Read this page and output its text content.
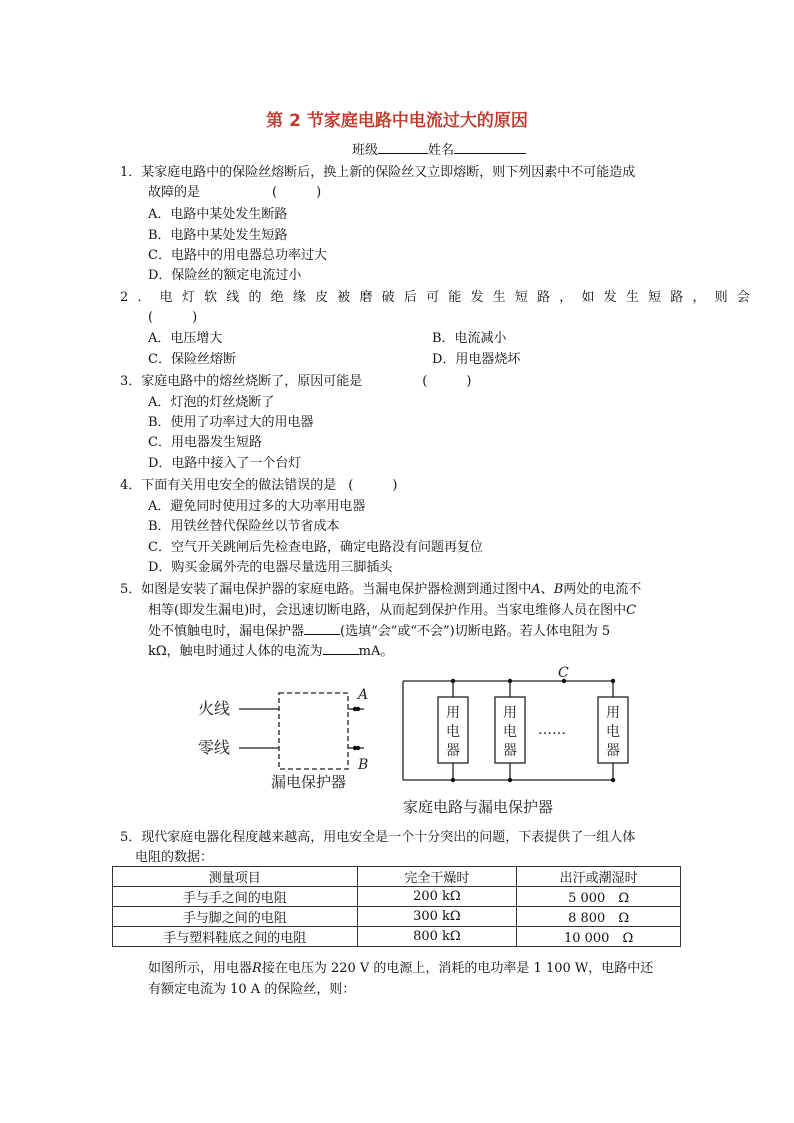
第 2 节家庭电路中电流过大的原因
班级	姓名
1．某家庭电路中的保险丝熔断后，换上新的保险丝又立即熔断，则下列因素中不可能造成
故障的是	(　　　)
A．电路中某处发生断路
B．电路中某处发生短路
C．电路中的用电器总功率过大
D．保险丝的额定电流过小
2．电灯软线的绝缘皮被磨破后可能发生短路，如发生短路，则会
(　　　)
A．电压增大	B．电流减小
C．保险丝熔断	D．用电器烧坏
3．家庭电路中的熔丝烧断了，原因可能是	(　　　)
A．灯泡的灯丝烧断了
B．使用了功率过大的用电器
C．用电器发生短路
D．电路中接入了一个台灯
4．下面有关用电安全的做法错误的是 (　　　)
A．避免同时使用过多的大功率用电器
B．用铁丝替代保险丝以节省成本
C．空气开关跳闸后先检查电路，确定电路没有问题再复位
D．购买金属外壳的电器尽量选用三脚插头
5．如图是安装了漏电保护器的家庭电路。当漏电保护器检测到通过图中A、B两处的电流不
相等(即发生漏电)时，会迅速切断电路，从而起到保护作用。当家电维修人员在图中C
处不慎触电时，漏电保护器	(选填“会”或“不会”)切断电路。若人体电阻为 5
kΩ，触电时通过人体的电流为	mA。
火线
零线
漏电保护器
A
B
C
……
家庭电路与漏电保护器
用
电
器
用
电
器
用
电
器
5．现代家庭电器化程度越来越高，用电安全是一个十分突出的问题，下表提供了一组人体
电阻的数据：
测量项目	完全干燥时	出汗或潮湿时
手与手之间的电阻	200 kΩ	5 000　Ω
手与脚之间的电阻	300 kΩ	8 800　Ω
手与塑料鞋底之间的电阻	800 kΩ	10 000　Ω
如图所示，用电器R接在电压为 220 V 的电源上，消耗的电功率是 1 100 W，电路中还
有额定电流为 10 A 的保险丝，则：
